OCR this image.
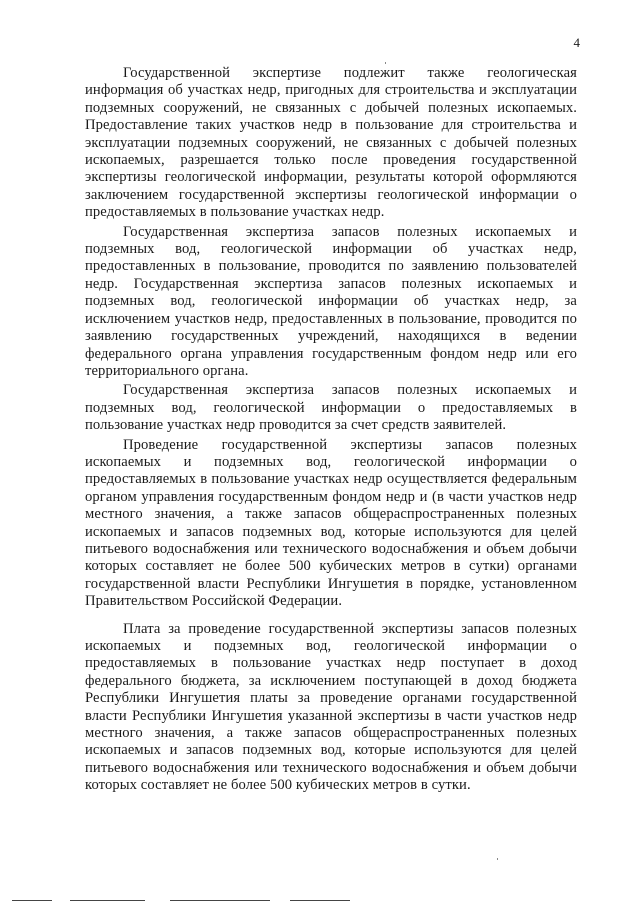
4

Государственной экспертизе подлежит также геологическая информация об участках недр, пригодных для строительства и эксплуатации подземных сооружений, не связанных с добычей полезных ископаемых. Предоставление таких участков недр в пользование для строительства и эксплуатации подземных сооружений, не связанных с добычей полезных ископаемых, разрешается только после проведения государственной экспертизы геологической информации, результаты которой оформляются заключением государственной экспертизы геологической информации о предоставляемых в пользование участках недр.

Государственная экспертиза запасов полезных ископаемых и подземных вод, геологической информации об участках недр, предоставленных в пользование, проводится по заявлению пользователей недр. Государственная экспертиза запасов полезных ископаемых и подземных вод, геологической информации об участках недр, за исключением участков недр, предоставленных в пользование, проводится по заявлению государственных учреждений, находящихся в ведении федерального органа управления государственным фондом недр или его территориального органа.

Государственная экспертиза запасов полезных ископаемых и подземных вод, геологической информации о предоставляемых в пользование участках недр проводится за счет средств заявителей.

Проведение государственной экспертизы запасов полезных ископаемых и подземных вод, геологической информации о предоставляемых в пользование участках недр осуществляется федеральным органом управления государственным фондом недр и (в части участков недр местного значения, а также запасов общераспространенных полезных ископаемых и запасов подземных вод, которые используются для целей питьевого водоснабжения или технического водоснабжения и объем добычи которых составляет не более 500 кубических метров в сутки) органами государственной власти Республики Ингушетия в порядке, установленном Правительством Российской Федерации.

Плата за проведение государственной экспертизы запасов полезных ископаемых и подземных вод, геологической информации о предоставляемых в пользование участках недр поступает в доход федерального бюджета, за исключением поступающей в доход бюджета Республики Ингушетия платы за проведение органами государственной власти Республики Ингушетия указанной экспертизы в части участков недр местного значения, а также запасов общераспространенных полезных ископаемых и запасов подземных вод, которые используются для целей питьевого водоснабжения или технического водоснабжения и объем добычи которых составляет не более 500 кубических метров в сутки.
